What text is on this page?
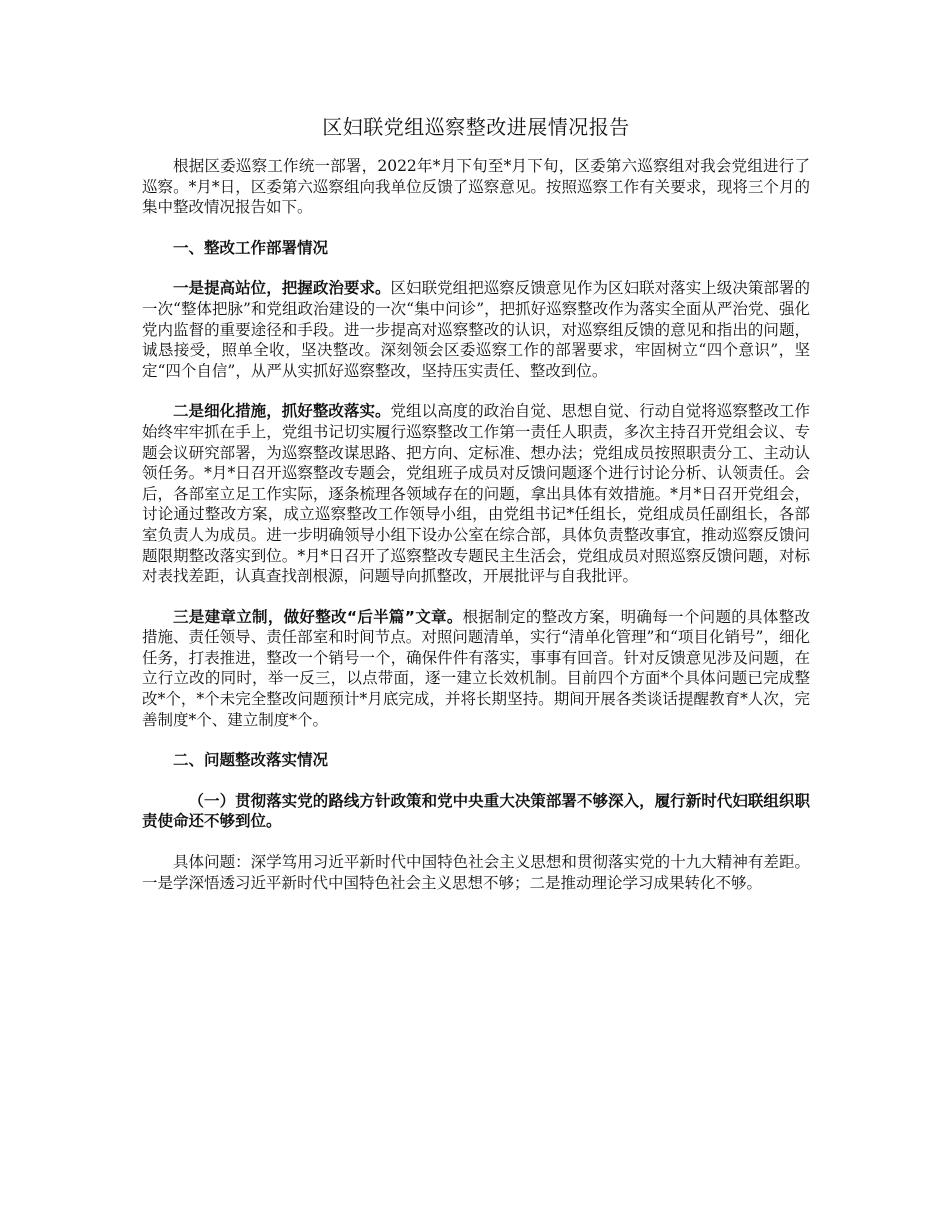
区妇联党组巡察整改进展情况报告

根据区委巡察工作统一部署，2022年*月下旬至*月下旬，区委第六巡察组对我会党组进行了巡察。*月*日，区委第六巡察组向我单位反馈了巡察意见。按照巡察工作有关要求，现将三个月的集中整改情况报告如下。

一、整改工作部署情况

一是提高站位，把握政治要求。区妇联党组把巡察反馈意见作为区妇联对落实上级决策部署的一次“整体把脉”和党组政治建设的一次“集中问诊”，把抓好巡察整改作为落实全面从严治党、强化党内监督的重要途径和手段。进一步提高对巡察整改的认识，对巡察组反馈的意见和指出的问题，诚恳接受，照单全收，坚决整改。深刻领会区委巡察工作的部署要求，牢固树立“四个意识”，坚定“四个自信”，从严从实抓好巡察整改，坚持压实责任、整改到位。

二是细化措施，抓好整改落实。党组以高度的政治自觉、思想自觉、行动自觉将巡察整改工作始终牢牢抓在手上，党组书记切实履行巡察整改工作第一责任人职责，多次主持召开党组会议、专题会议研究部署，为巡察整改谋思路、把方向、定标准、想办法；党组成员按照职责分工、主动认领任务。*月*日召开巡察整改专题会，党组班子成员对反馈问题逐个进行讨论分析、认领责任。会后，各部室立足工作实际，逐条梳理各领域存在的问题，拿出具体有效措施。*月*日召开党组会，讨论通过整改方案，成立巡察整改工作领导小组，由党组书记*任组长，党组成员任副组长，各部室负责人为成员。进一步明确领导小组下设办公室在综合部，具体负责整改事宜，推动巡察反馈问题限期整改落实到位。*月*日召开了巡察整改专题民主生活会，党组成员对照巡察反馈问题，对标对表找差距，认真查找剖根源，问题导向抓整改，开展批评与自我批评。

三是建章立制，做好整改“后半篇”文章。根据制定的整改方案，明确每一个问题的具体整改措施、责任领导、责任部室和时间节点。对照问题清单，实行“清单化管理”和“项目化销号”，细化任务，打表推进，整改一个销号一个，确保件件有落实，事事有回音。针对反馈意见涉及问题，在立行立改的同时，举一反三，以点带面，逐一建立长效机制。目前四个方面*个具体问题已完成整改*个，*个未完全整改问题预计*月底完成，并将长期坚持。期间开展各类谈话提醒教育*人次，完善制度*个、建立制度*个。

二、问题整改落实情况

（一）贯彻落实党的路线方针政策和党中央重大决策部署不够深入，履行新时代妇联组织职责使命还不够到位。

具体问题：深学笃用习近平新时代中国特色社会主义思想和贯彻落实党的十九大精神有差距。一是学深悟透习近平新时代中国特色社会主义思想不够；二是推动理论学习成果转化不够。
